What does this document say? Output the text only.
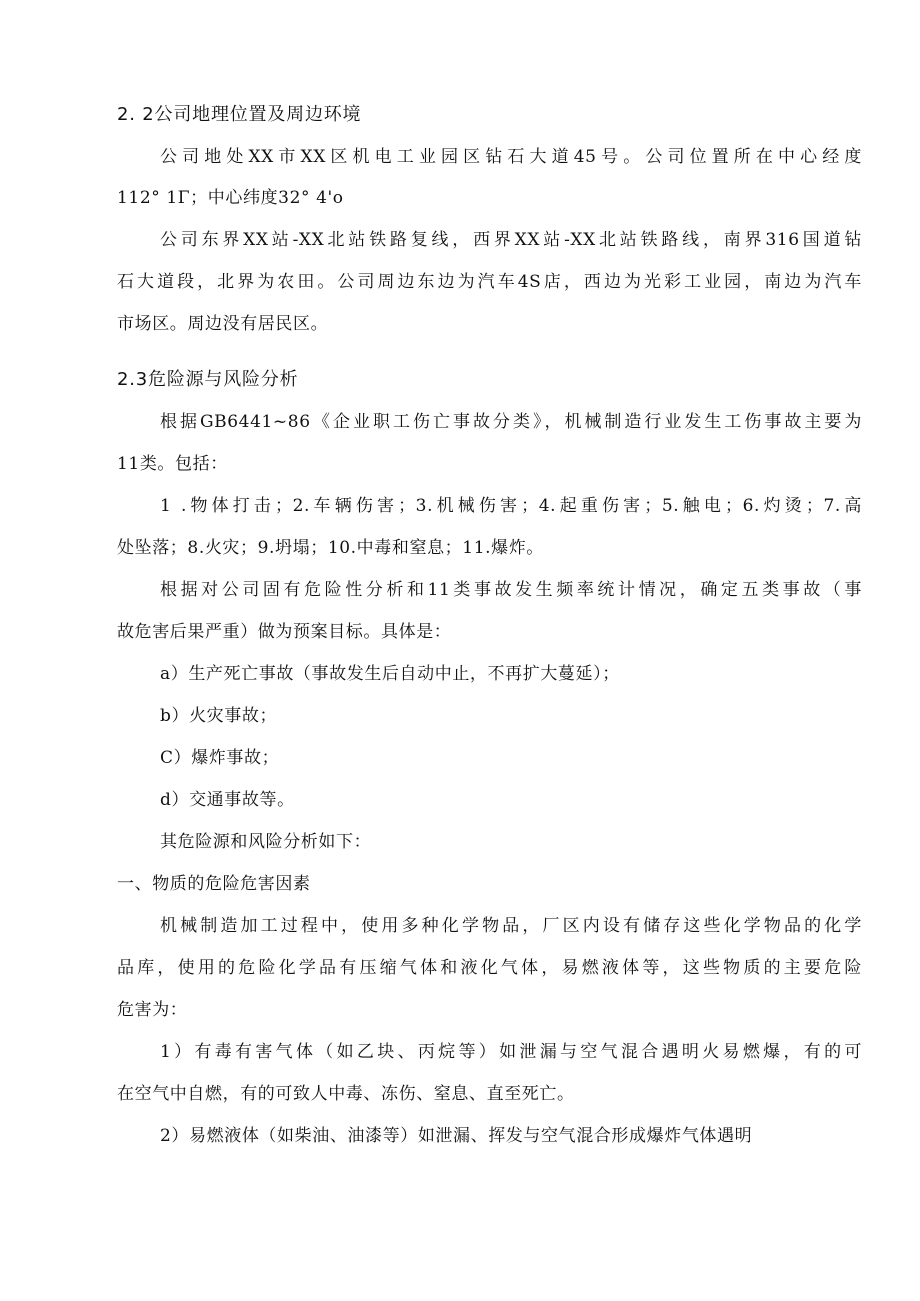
2. 2公司地理位置及周边环境
公司地处XX市XX区机电工业园区钻石大道45号。公司位置所在中心经度
112° 1Γ；中心纬度32° 4'o
公司东界XX站-XX北站铁路复线，西界XX站-XX北站铁路线，南界316国道钻
石大道段，北界为农田。公司周边东边为汽车4S店，西边为光彩工业园，南边为汽车
市场区。周边没有居民区。
2.3危险源与风险分析
根据GB6441~86《企业职工伤亡事故分类》，机械制造行业发生工伤事故主要为
11类。包括：
1 .物体打击；2.车辆伤害；3.机械伤害；4.起重伤害；5.触电；6.灼烫；7.高
处坠落；8.火灾；9.坍塌；10.中毒和窒息；11.爆炸。
根据对公司固有危险性分析和11类事故发生频率统计情况，确定五类事故（事
故危害后果严重）做为预案目标。具体是：
a）生产死亡事故（事故发生后自动中止，不再扩大蔓延）；
b）火灾事故；
C）爆炸事故；
d）交通事故等。
其危险源和风险分析如下：
一、物质的危险危害因素
机械制造加工过程中，使用多种化学物品，厂区内设有储存这些化学物品的化学
品库，使用的危险化学品有压缩气体和液化气体，易燃液体等，这些物质的主要危险
危害为：
1）有毒有害气体（如乙块、丙烷等）如泄漏与空气混合遇明火易燃爆，有的可
在空气中自燃，有的可致人中毒、冻伤、窒息、直至死亡。
2）易燃液体（如柴油、油漆等）如泄漏、挥发与空气混合形成爆炸气体遇明
